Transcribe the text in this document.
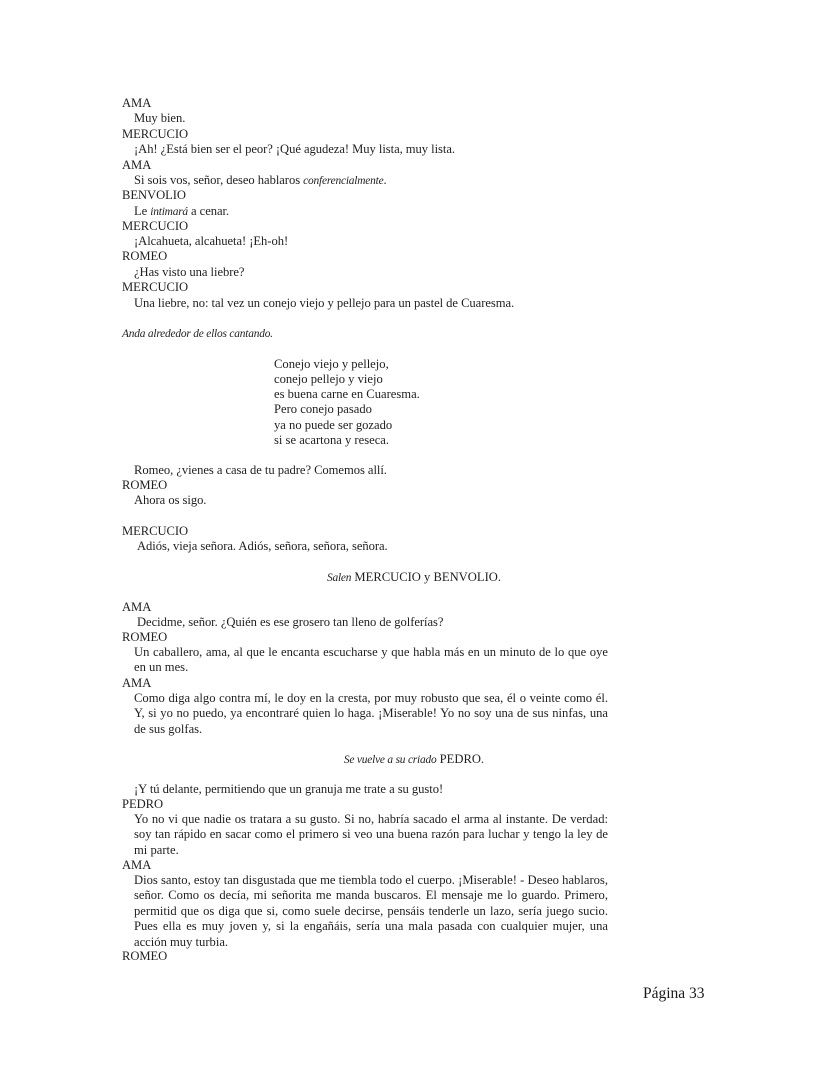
AMA
Muy bien.
MERCUCIO
¡Ah! ¿Está bien ser el peor? ¡Qué agudeza! Muy lista, muy lista.
AMA
Si sois vos, señor, deseo hablaros conferencialmente.
BENVOLIO
Le intimará a cenar.
MERCUCIO
¡Alcahueta, alcahueta! ¡Eh-oh!
ROMEO
¿Has visto una liebre?
MERCUCIO
Una liebre, no: tal vez un conejo viejo y pellejo para un pastel de Cuaresma.
Anda alrededor de ellos cantando.
Conejo viejo y pellejo,
conejo pellejo y viejo
es buena carne en Cuaresma.
Pero conejo pasado
ya no puede ser gozado
si se acartona y reseca.
Romeo, ¿vienes a casa de tu padre? Comemos allí.
ROMEO
Ahora os sigo.
MERCUCIO
Adiós, vieja señora. Adiós, señora, señora, señora.
Salen MERCUCIO y BENVOLIO.
AMA
Decidme, señor. ¿Quién es ese grosero tan lleno de golferías?
ROMEO
Un caballero, ama, al que le encanta escucharse y que habla más en un minuto de lo que oye en un mes.
AMA
Como diga algo contra mí, le doy en la cresta, por muy robusto que sea, él o veinte como él. Y, si yo no puedo, ya encontraré quien lo haga. ¡Miserable! Yo no soy una de sus ninfas, una de sus golfas.
Se vuelve a su criado PEDRO.
¡Y tú delante, permitiendo que un granuja me trate a su gusto!
PEDRO
Yo no vi que nadie os tratara a su gusto. Si no, habría sacado el arma al instante. De verdad: soy tan rápido en sacar como el primero si veo una buena razón para luchar y tengo la ley de mi parte.
AMA
Dios santo, estoy tan disgustada que me tiembla todo el cuerpo. ¡Miserable! - Deseo hablaros, señor. Como os decía, mi señorita me manda buscaros. El mensaje me lo guardo. Primero, permitid que os diga que si, como suele decirse, pensáis tenderle un lazo, sería juego sucio. Pues ella es muy joven y, si la engañáis, sería una mala pasada con cualquier mujer, una acción muy turbia.
ROMEO
Página 33
